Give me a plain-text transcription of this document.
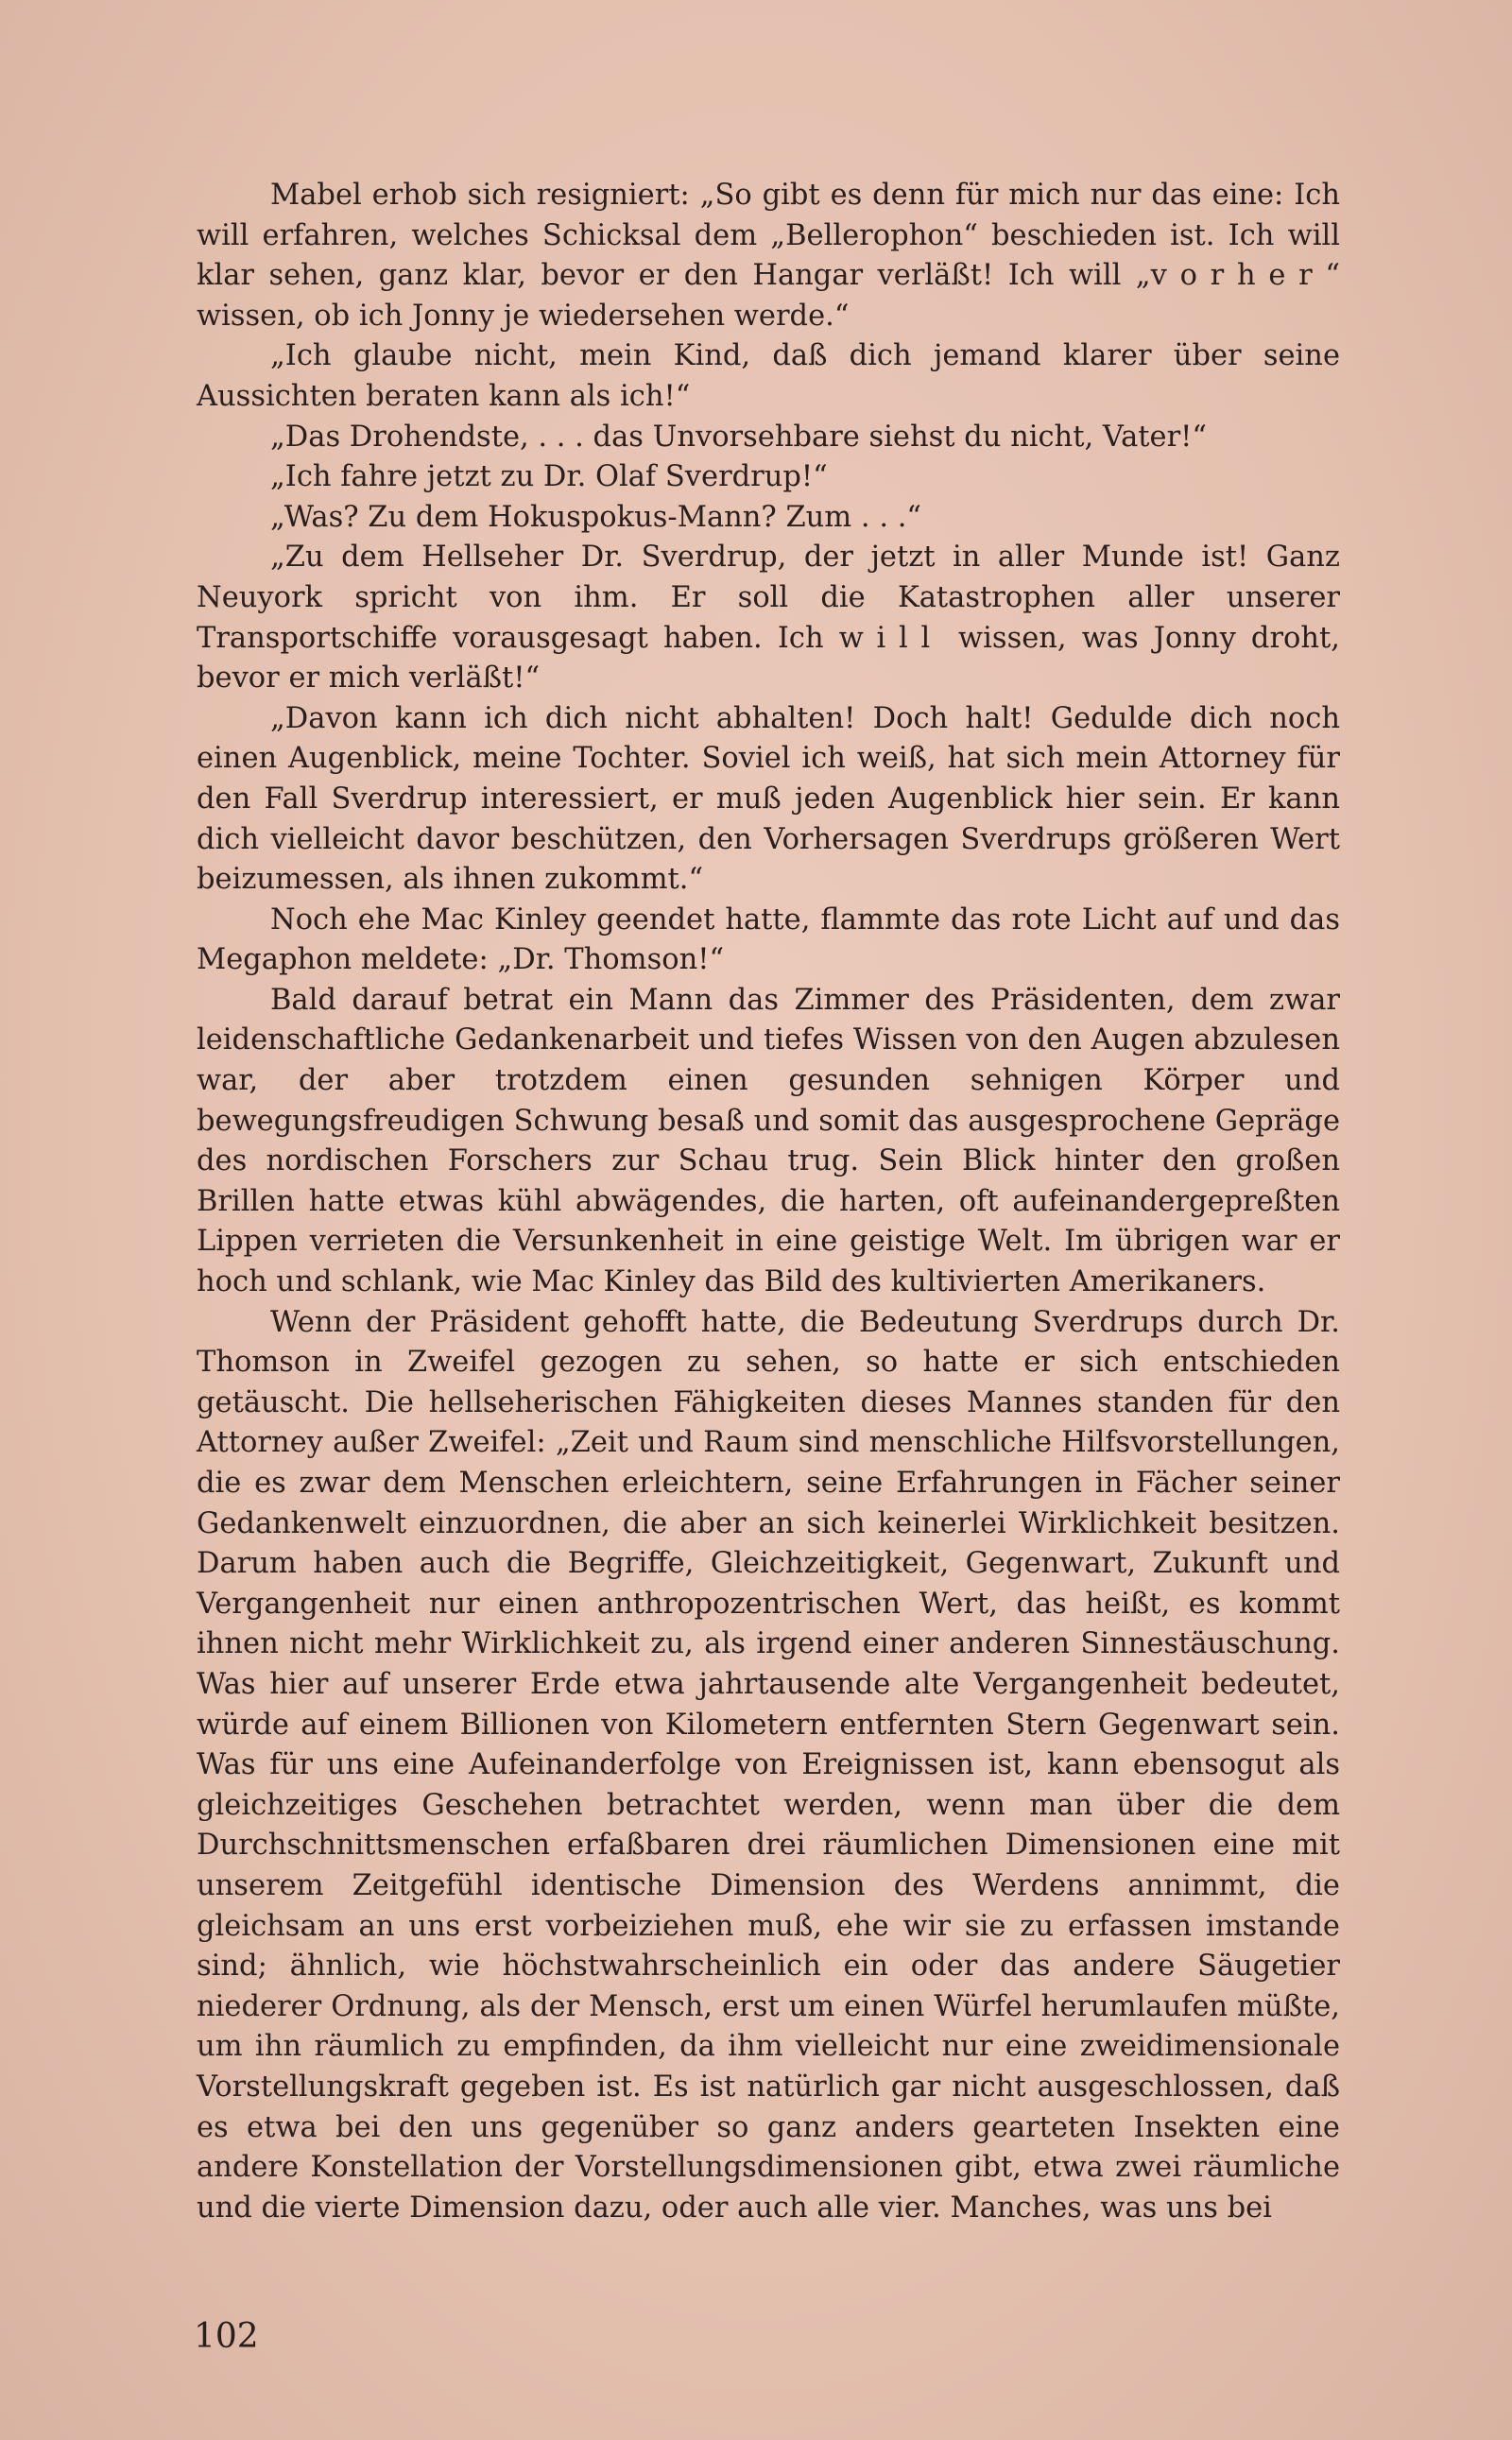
Mabel erhob sich resigniert: „So gibt es denn für mich nur das eine: Ich will erfahren, welches Schicksal dem „Bellerophon“ beschieden ist. Ich will klar sehen, ganz klar, bevor er den Hangar verläßt! Ich will „vorher“ wissen, ob ich Jonny je wiedersehen werde.“

„Ich glaube nicht, mein Kind, daß dich jemand klarer über seine Aussichten beraten kann als ich!“

„Das Drohendste, . . . das Unvorsehbare siehst du nicht, Vater!“

„Ich fahre jetzt zu Dr. Olaf Sverdrup!“

„Was? Zu dem Hokuspokus-Mann? Zum . . .“

„Zu dem Hellseher Dr. Sverdrup, der jetzt in aller Munde ist! Ganz Neuyork spricht von ihm. Er soll die Katastrophen aller unserer Transportschiffe vorausgesagt haben. Ich will wissen, was Jonny droht, bevor er mich verläßt!“

„Davon kann ich dich nicht abhalten! Doch halt! Gedulde dich noch einen Augenblick, meine Tochter. Soviel ich weiß, hat sich mein Attorney für den Fall Sverdrup interessiert, er muß jeden Augenblick hier sein. Er kann dich vielleicht davor beschützen, den Vorhersagen Sverdrups größeren Wert beizumessen, als ihnen zukommt.“

Noch ehe Mac Kinley geendet hatte, flammte das rote Licht auf und das Megaphon meldete: „Dr. Thomson!“

Bald darauf betrat ein Mann das Zimmer des Präsidenten, dem zwar leidenschaftliche Gedankenarbeit und tiefes Wissen von den Augen abzulesen war, der aber trotzdem einen gesunden sehnigen Körper und bewegungsfreudigen Schwung besaß und somit das ausgesprochene Gepräge des nordischen Forschers zur Schau trug. Sein Blick hinter den großen Brillen hatte etwas kühl abwägendes, die harten, oft aufeinandergepreßten Lippen verrieten die Versunkenheit in eine geistige Welt. Im übrigen war er hoch und schlank, wie Mac Kinley das Bild des kultivierten Amerikaners.

Wenn der Präsident gehofft hatte, die Bedeutung Sverdrups durch Dr. Thomson in Zweifel gezogen zu sehen, so hatte er sich entschieden getäuscht. Die hellseherischen Fähigkeiten dieses Mannes standen für den Attorney außer Zweifel: „Zeit und Raum sind menschliche Hilfsvorstellungen, die es zwar dem Menschen erleichtern, seine Erfahrungen in Fächer seiner Gedankenwelt einzuordnen, die aber an sich keinerlei Wirklichkeit besitzen. Darum haben auch die Begriffe, Gleichzeitigkeit, Gegenwart, Zukunft und Vergangenheit nur einen anthropozentrischen Wert, das heißt, es kommt ihnen nicht mehr Wirklichkeit zu, als irgend einer anderen Sinnestäuschung. Was hier auf unserer Erde etwa jahrtausende alte Vergangenheit bedeutet, würde auf einem Billionen von Kilometern entfernten Stern Gegenwart sein. Was für uns eine Aufeinanderfolge von Ereignissen ist, kann ebensogut als gleichzeitiges Geschehen betrachtet werden, wenn man über die dem Durchschnittsmenschen erfaßbaren drei räumlichen Dimensionen eine mit unserem Zeitgefühl identische Dimension des Werdens annimmt, die gleichsam an uns erst vorbeiziehen muß, ehe wir sie zu erfassen imstande sind; ähnlich, wie höchstwahrscheinlich ein oder das andere Säugetier niederer Ordnung, als der Mensch, erst um einen Würfel herumlaufen müßte, um ihn räumlich zu empfinden, da ihm vielleicht nur eine zweidimensionale Vorstellungskraft gegeben ist. Es ist natürlich gar nicht ausgeschlossen, daß es etwa bei den uns gegenüber so ganz anders gearteten Insekten eine andere Konstellation der Vorstellungsdimensionen gibt, etwa zwei räumliche und die vierte Dimension dazu, oder auch alle vier. Manches, was uns bei

102
